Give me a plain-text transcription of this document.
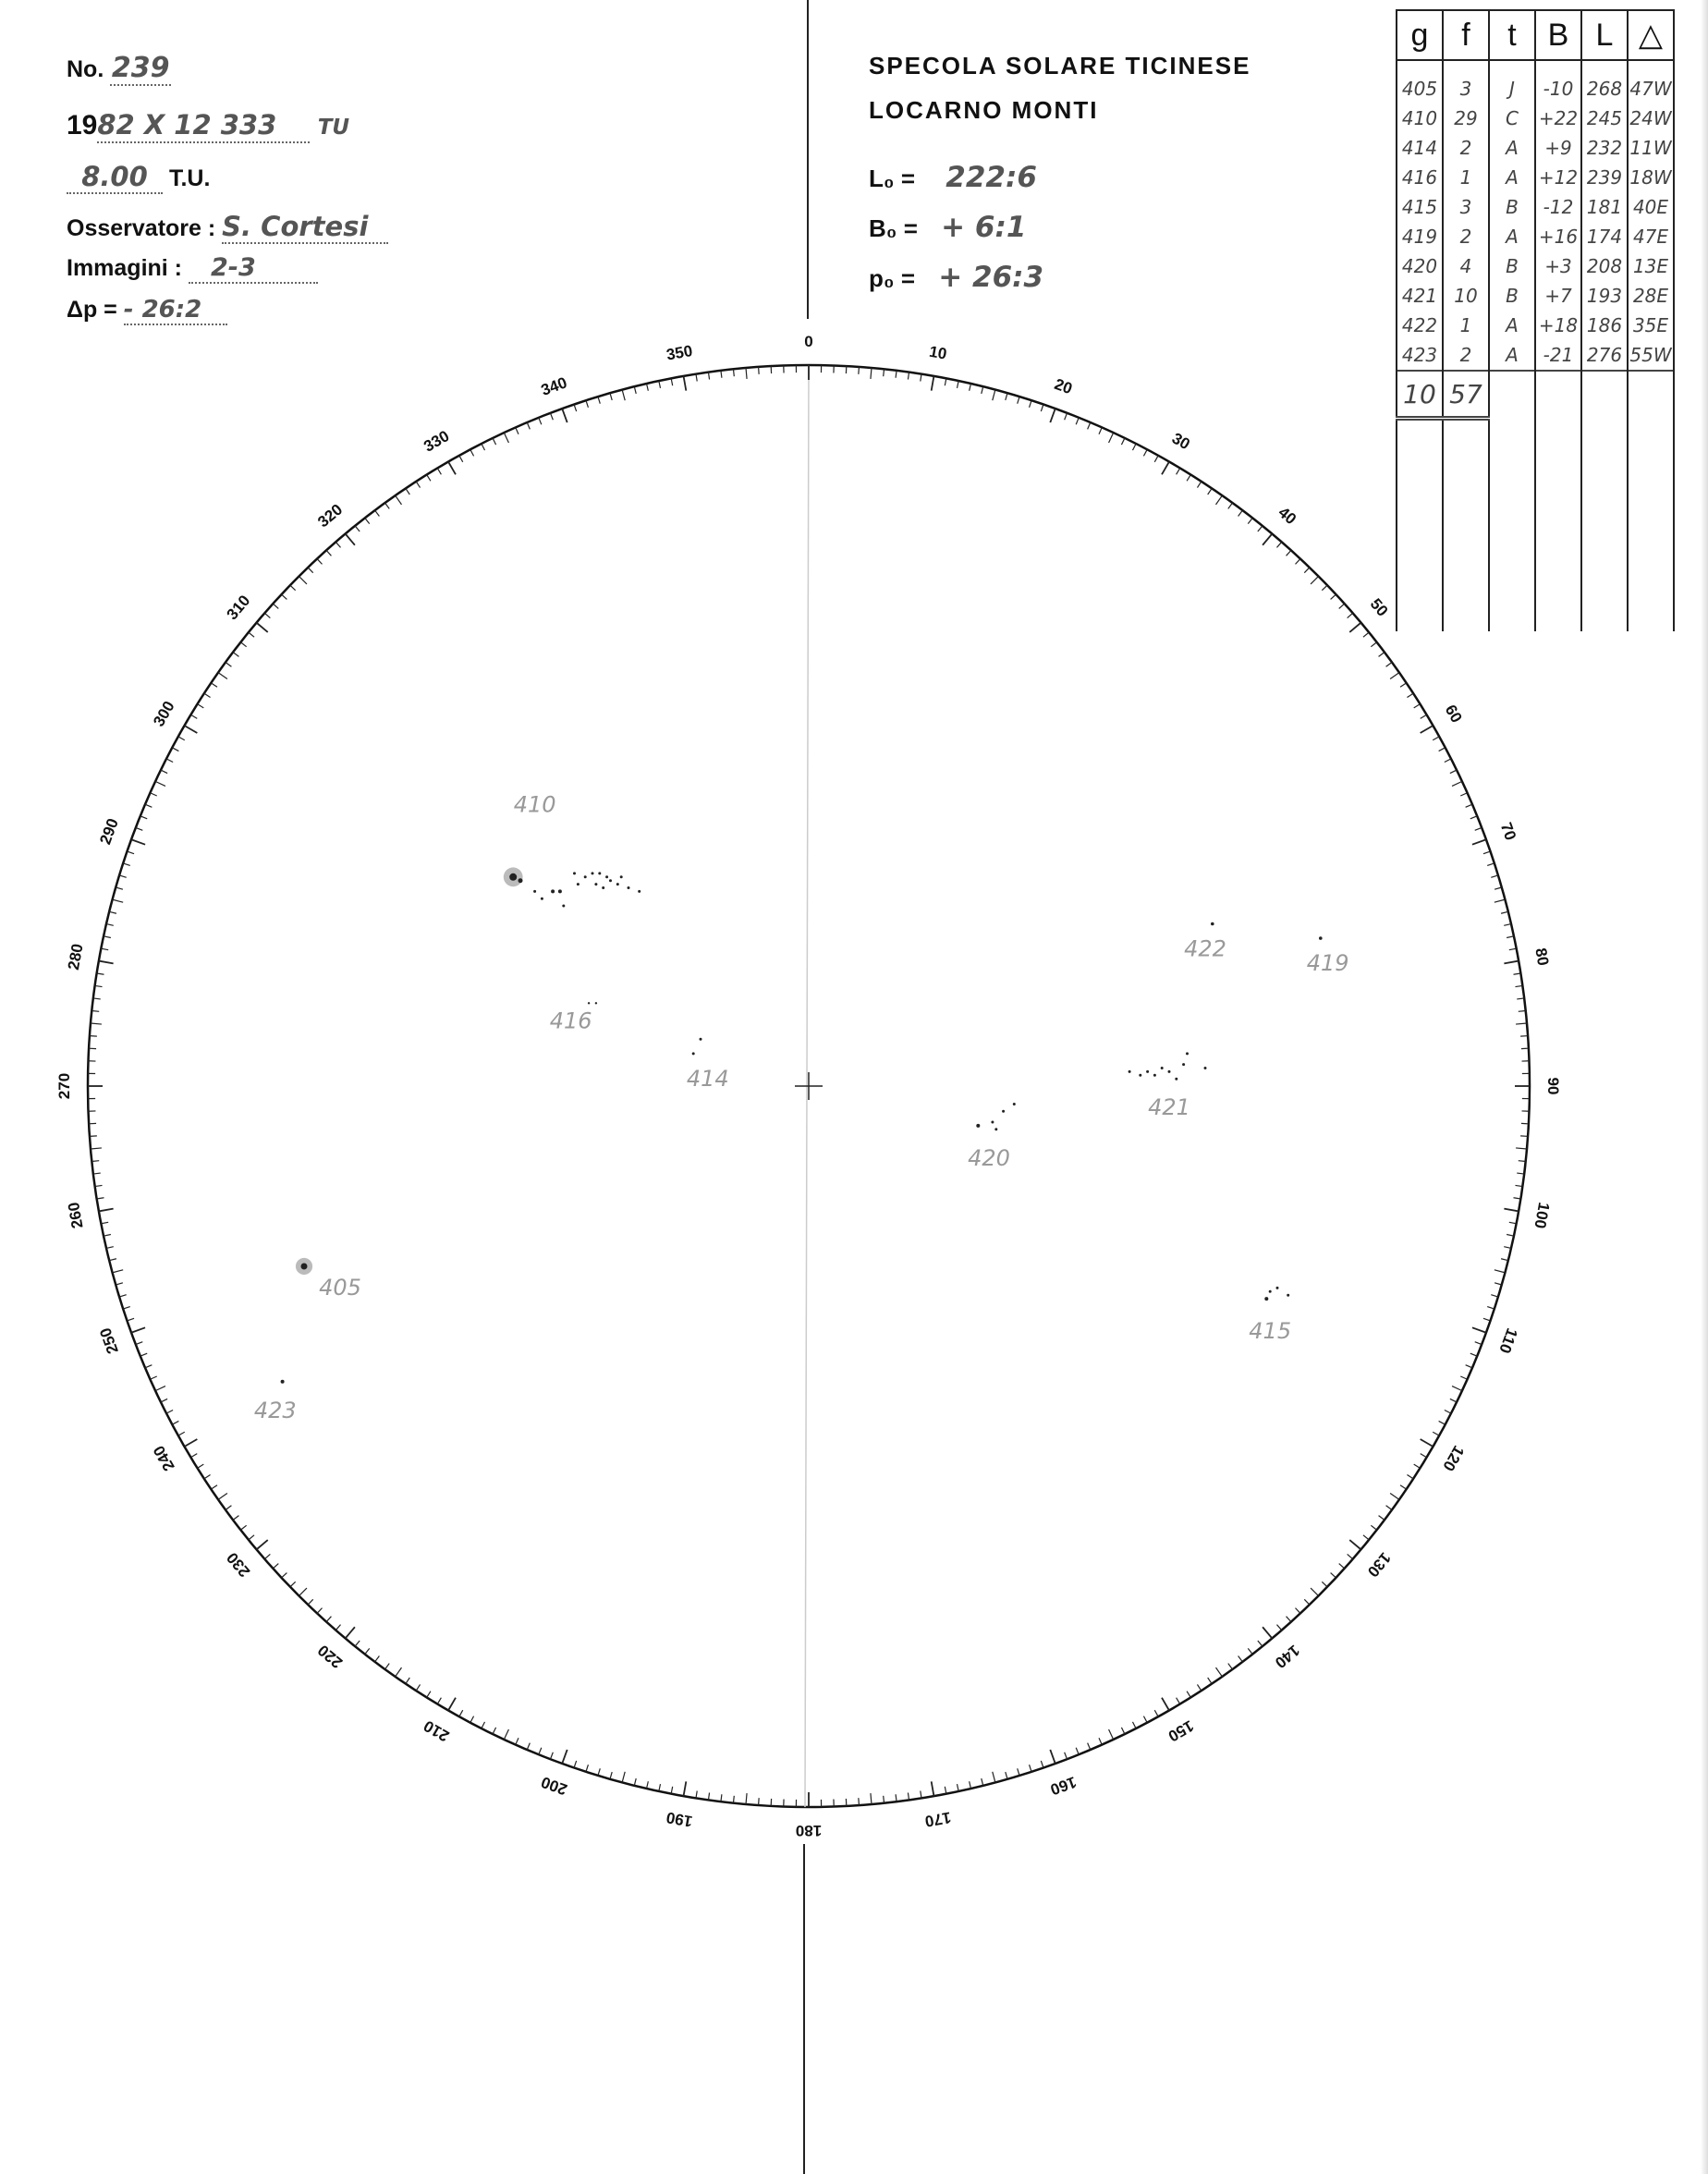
No. 239
1982 X 12 333 TU
8.00 T.U.
Osservatore : S. Cortesi
Immagini : 2-3
Δp = - 26:2
SPECOLA SOLARE TICINESE
LOCARNO MONTI
L₀ = 222:6
B₀ = + 6:1
p₀ = + 26:3
0
10
20
30
40
50
60
70
80
90
100
110
120
130
140
150
160
170
180
190
200
210
220
230
240
250
260
270
280
290
300
310
320
330
340
350
410
416
414
405
423
422
419
421
420
415
g	f	t	B	L	△
405	3	J	-10	268	47W
410	29	C	+22	245	24W
414	2	A	+9	232	11W
416	1	A	+12	239	18W
415	3	B	-12	181	40E
419	2	A	+16	174	47E
420	4	B	+3	208	13E
421	10	B	+7	193	28E
422	1	A	+18	186	35E
423	2	A	-21	276	55W
10	57				
